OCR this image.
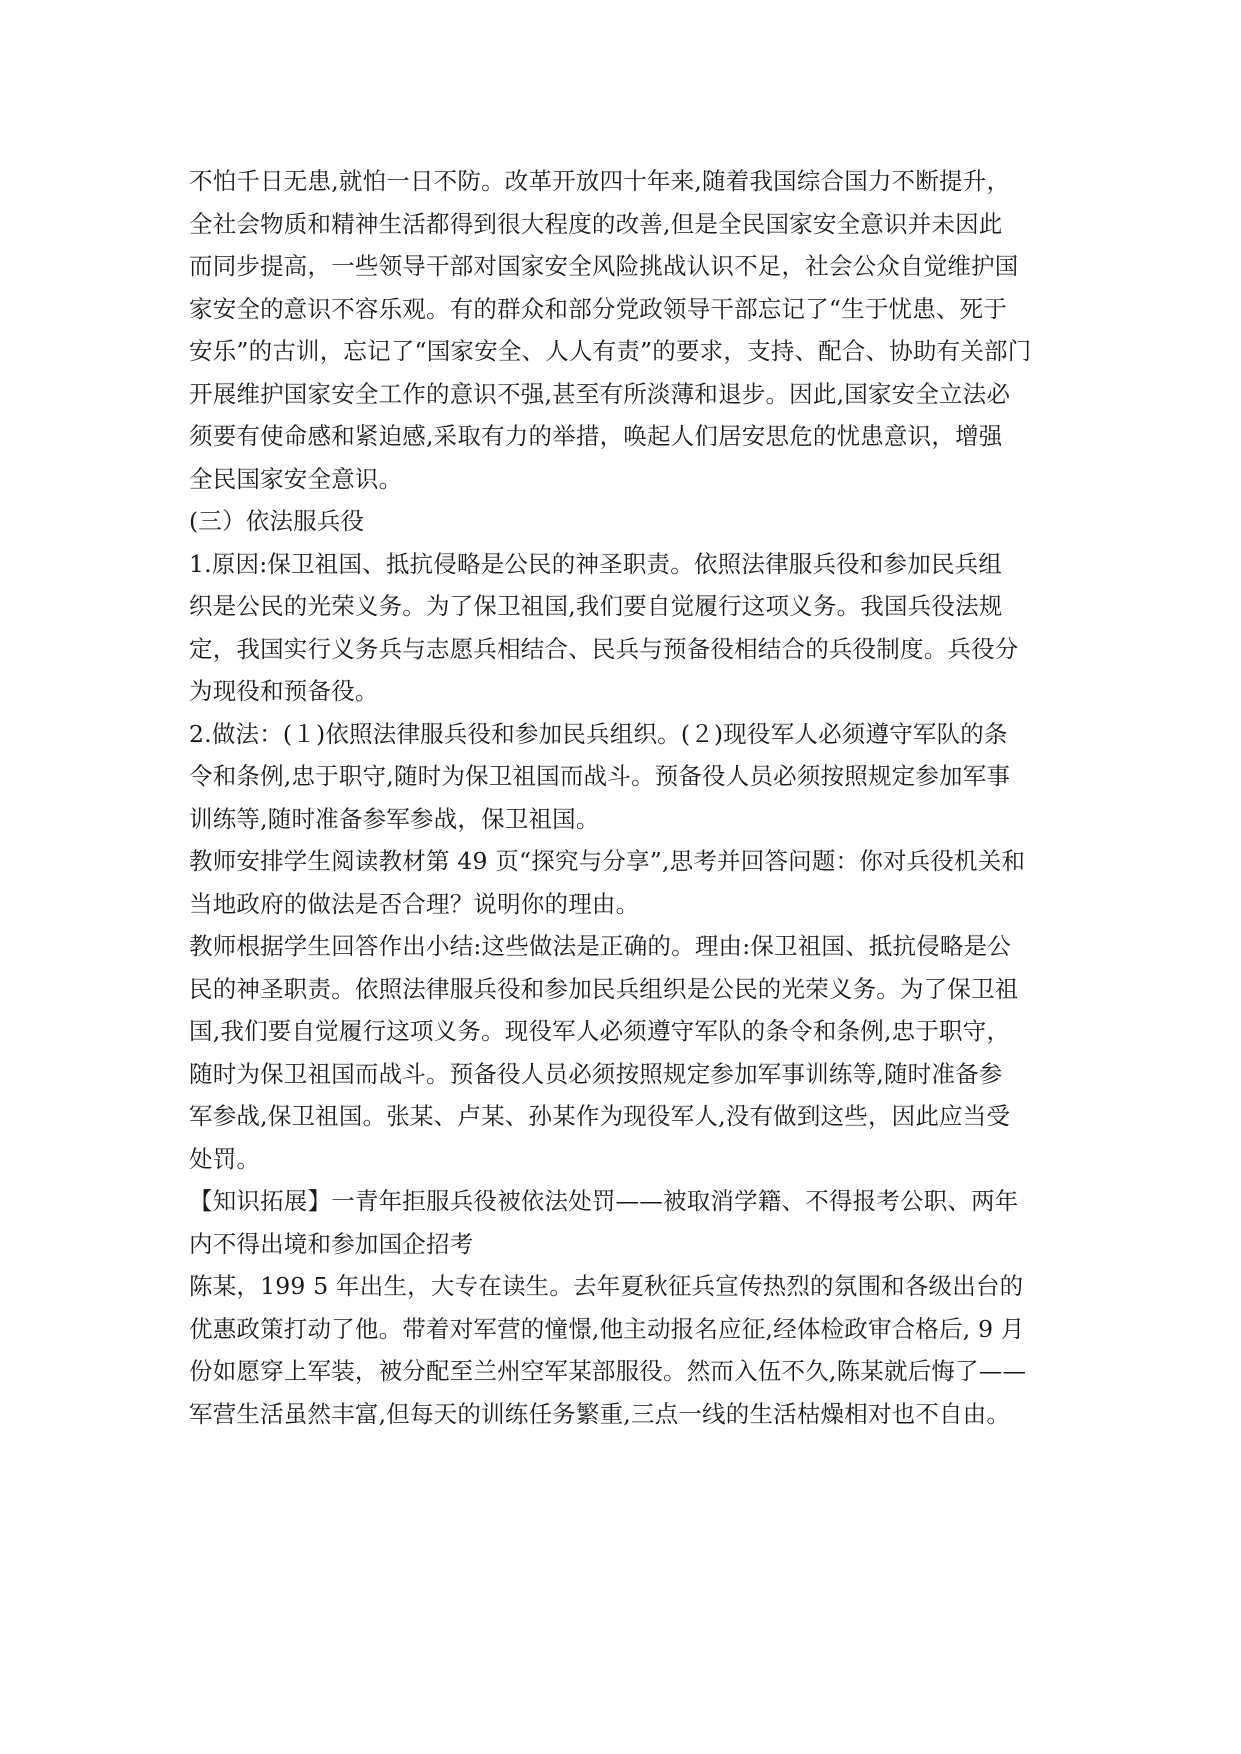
不怕千日无患,就怕一日不防。改革开放四十年来,随着我国综合国力不断提升，
全社会物质和精神生活都得到很大程度的改善,但是全民国家安全意识并未因此
而同步提高，一些领导干部对国家安全风险挑战认识不足，社会公众自觉维护国
家安全的意识不容乐观。有的群众和部分党政领导干部忘记了“生于忧患、死于
安乐”的古训，忘记了“国家安全、人人有责”的要求，支持、配合、协助有关部门
开展维护国家安全工作的意识不强,甚至有所淡薄和退步。因此,国家安全立法必
须要有使命感和紧迫感,采取有力的举措，唤起人们居安思危的忧患意识，增强
全民国家安全意识。
(三）依法服兵役
1.原因:保卫祖国、抵抗侵略是公民的神圣职责。依照法律服兵役和参加民兵组
织是公民的光荣义务。为了保卫祖国,我们要自觉履行这项义务。我国兵役法规
定，我国实行义务兵与志愿兵相结合、民兵与预备役相结合的兵役制度。兵役分
为现役和预备役。
2.做法：(１)依照法律服兵役和参加民兵组织。(２)现役军人必须遵守军队的条
令和条例,忠于职守,随时为保卫祖国而战斗。预备役人员必须按照规定参加军事
训练等,随时准备参军参战，保卫祖国。
教师安排学生阅读教材第 49 页“探究与分享”,思考并回答问题：你对兵役机关和
当地政府的做法是否合理？说明你的理由。
教师根据学生回答作出小结:这些做法是正确的。理由:保卫祖国、抵抗侵略是公
民的神圣职责。依照法律服兵役和参加民兵组织是公民的光荣义务。为了保卫祖
国,我们要自觉履行这项义务。现役军人必须遵守军队的条令和条例,忠于职守，
随时为保卫祖国而战斗。预备役人员必须按照规定参加军事训练等,随时准备参
军参战,保卫祖国。张某、卢某、孙某作为现役军人,没有做到这些，因此应当受
处罚。
【知识拓展】一青年拒服兵役被依法处罚——被取消学籍、不得报考公职、两年
内不得出境和参加国企招考
陈某，199 5 年出生，大专在读生。去年夏秋征兵宣传热烈的氛围和各级出台的
优惠政策打动了他。带着对军营的憧憬,他主动报名应征,经体检政审合格后, 9 月
份如愿穿上军装，被分配至兰州空军某部服役。然而入伍不久,陈某就后悔了——
军营生活虽然丰富,但每天的训练任务繁重,三点一线的生活枯燥相对也不自由。
